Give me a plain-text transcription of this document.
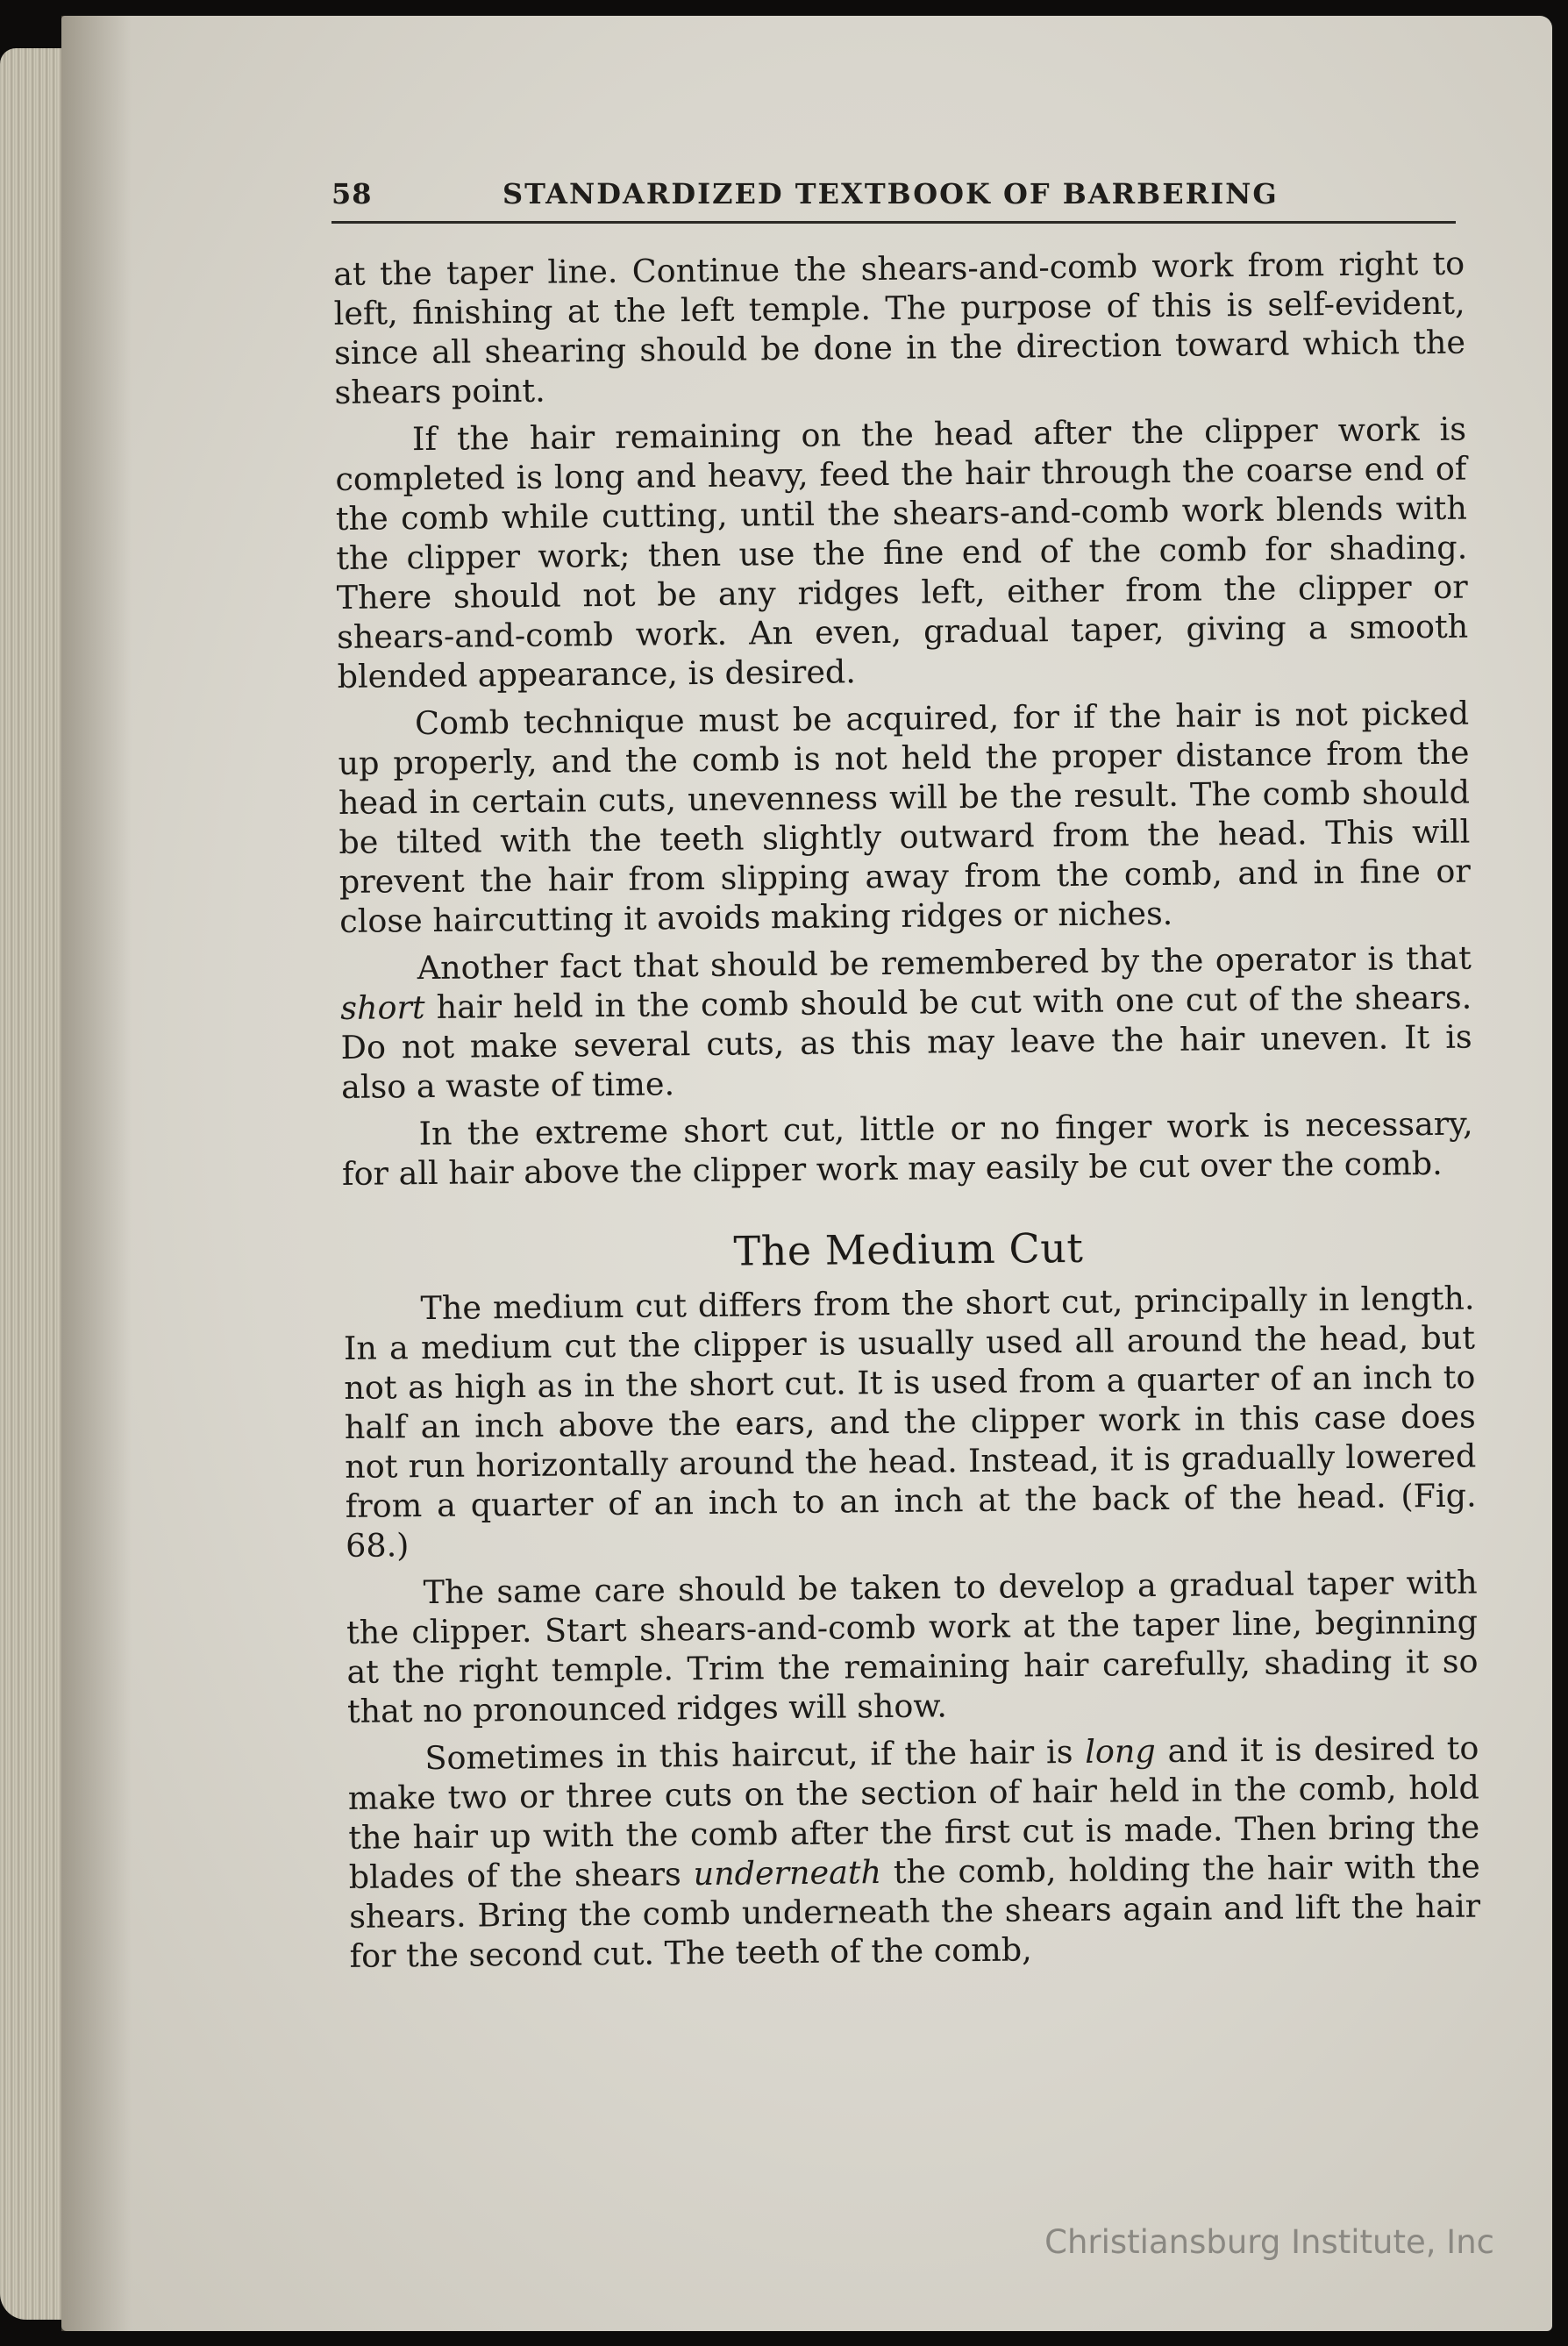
58	STANDARDIZED TEXTBOOK OF BARBERING

at the taper line. Continue the shears-and-comb work from right to left, finishing at the left temple. The purpose of this is self-evident, since all shearing should be done in the direction toward which the shears point.

If the hair remaining on the head after the clipper work is completed is long and heavy, feed the hair through the coarse end of the comb while cutting, until the shears-and-comb work blends with the clipper work; then use the fine end of the comb for shading. There should not be any ridges left, either from the clipper or shears-and-comb work. An even, gradual taper, giving a smooth blended appearance, is desired.

Comb technique must be acquired, for if the hair is not picked up properly, and the comb is not held the proper distance from the head in certain cuts, unevenness will be the result. The comb should be tilted with the teeth slightly outward from the head. This will prevent the hair from slipping away from the comb, and in fine or close haircutting it avoids making ridges or niches.

Another fact that should be remembered by the operator is that short hair held in the comb should be cut with one cut of the shears. Do not make several cuts, as this may leave the hair uneven. It is also a waste of time.

In the extreme short cut, little or no finger work is necessary, for all hair above the clipper work may easily be cut over the comb.

The Medium Cut

The medium cut differs from the short cut, principally in length. In a medium cut the clipper is usually used all around the head, but not as high as in the short cut. It is used from a quarter of an inch to half an inch above the ears, and the clipper work in this case does not run horizontally around the head. Instead, it is gradually lowered from a quarter of an inch to an inch at the back of the head. (Fig. 68.)

The same care should be taken to develop a gradual taper with the clipper. Start shears-and-comb work at the taper line, beginning at the right temple. Trim the remaining hair carefully, shading it so that no pronounced ridges will show.

Sometimes in this haircut, if the hair is long and it is desired to make two or three cuts on the section of hair held in the comb, hold the hair up with the comb after the first cut is made. Then bring the blades of the shears underneath the comb, holding the hair with the shears. Bring the comb underneath the shears again and lift the hair for the second cut. The teeth of the comb,

Christiansburg Institute, Inc
